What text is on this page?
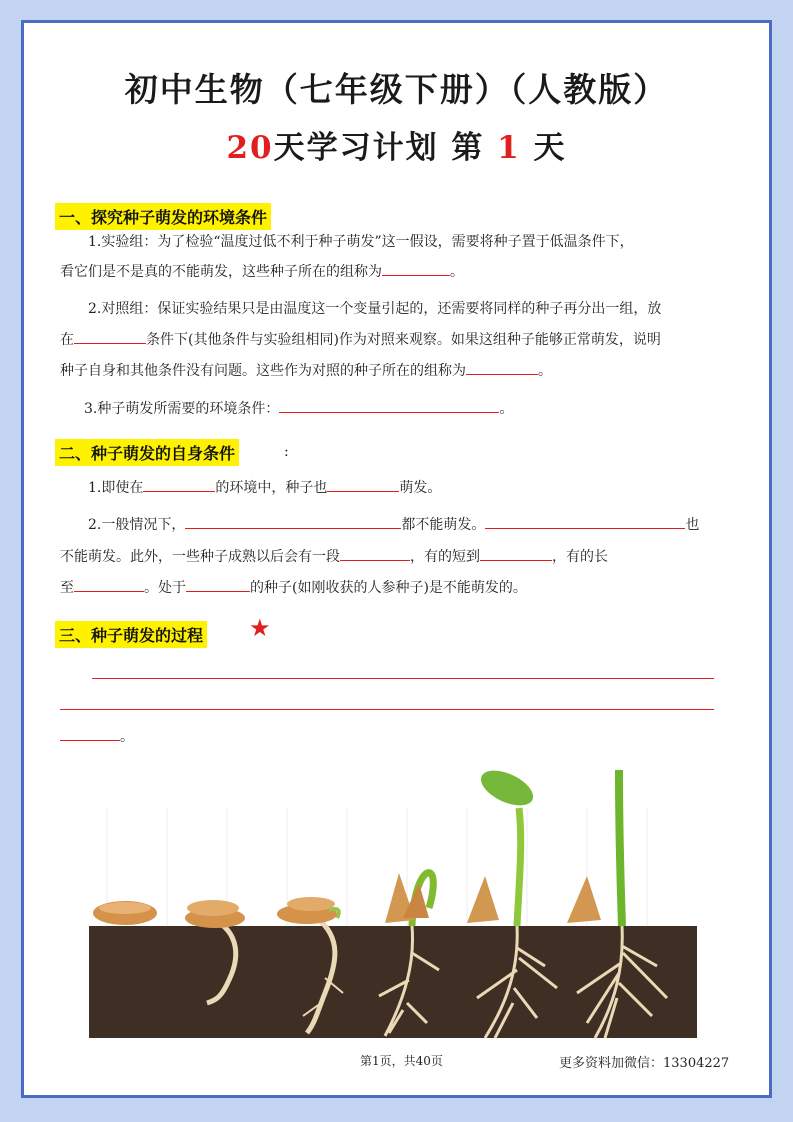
初中生物（七年级下册）（人教版）
20天学习计划 第 1 天
一、探究种子萌发的环境条件
1.实验组：为了检验“温度过低不利于种子萌发”这一假设，需要将种子置于低温条件下，
看它们是不是真的不能萌发，这些种子所在的组称为	。
2.对照组：保证实验结果只是由温度这一个变量引起的，还需要将同样的种子再分出一组，放
在	条件下(其他条件与实验组相同)作为对照来观察。如果这组种子能够正常萌发，说明
种子自身和其他条件没有问题。这些作为对照的种子所在的组称为	。
3.种子萌发所需要的环境条件：	。
二、种子萌发的自身条件	:
1.即使在	的环境中，种子也	萌发。
2.一般情况下，	都不能萌发。	也
不能萌发。此外，一些种子成熟以后会有一段	，有的短到	，有的长
至	。处于	的种子(如刚收获的人参种子)是不能萌发的。
三、种子萌发的过程 ★
。
第1页，共40页	更多资料加微信：13304227
